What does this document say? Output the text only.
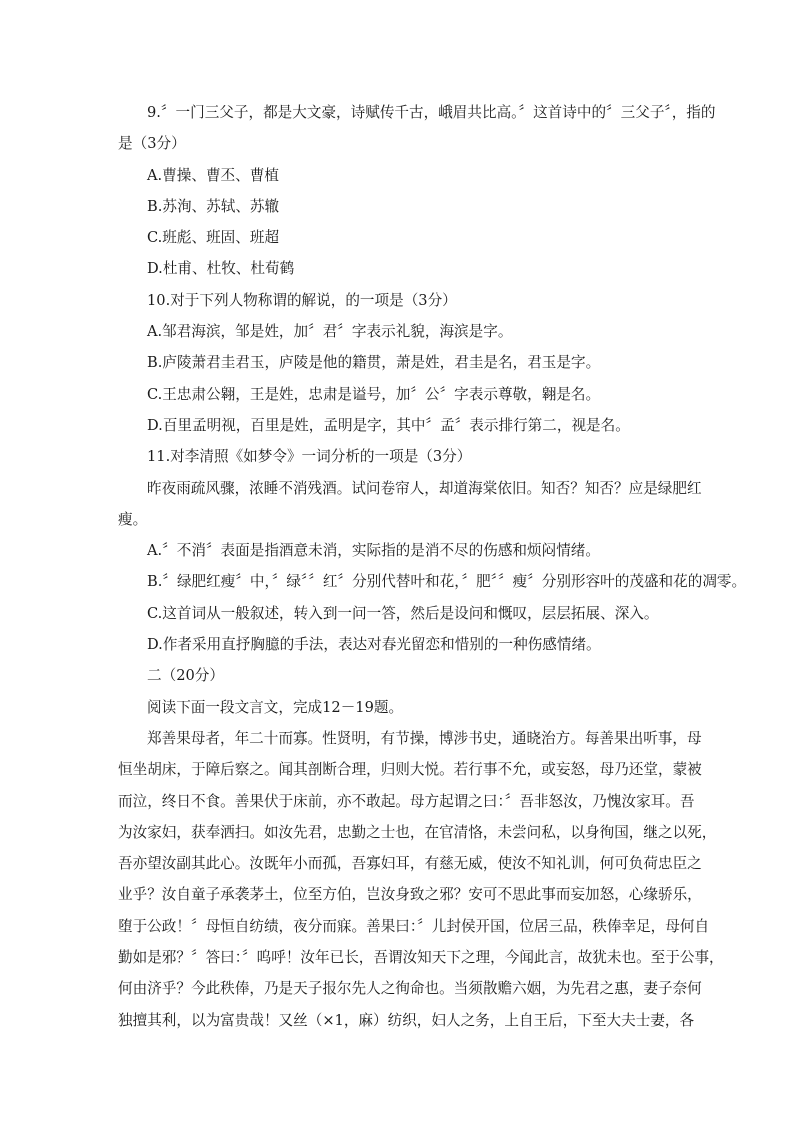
9.〞一门三父子，都是大文豪，诗赋传千古，峨眉共比高。〞这首诗中的〞三父子〞，指的
是（3分）
A.曹操、曹丕、曹植
B.苏洵、苏轼、苏辙
C.班彪、班固、班超
D.杜甫、杜牧、杜荀鹤
10.对于下列人物称谓的解说，的一项是（3分）
A.邹君海滨，邹是姓，加〞君〞字表示礼貌，海滨是字。
B.庐陵萧君圭君玉，庐陵是他的籍贯，萧是姓，君圭是名，君玉是字。
C.王忠肃公翱，王是姓，忠肃是谥号，加〞公〞字表示尊敬，翱是名。
D.百里孟明视，百里是姓，孟明是字，其中〞孟〞表示排行第二，视是名。
11.对李清照《如梦令》一词分析的一项是（3分）
昨夜雨疏风骤，浓睡不消残酒。试问卷帘人，却道海棠依旧。知否？知否？应是绿肥红
瘦。
A.〞不消〞表面是指酒意未消，实际指的是消不尽的伤感和烦闷情绪。
B.〞绿肥红瘦〞中，〞绿〞〞红〞分别代替叶和花，〞肥〞〞瘦〞分别形容叶的茂盛和花的凋零。
C.这首词从一般叙述，转入到一问一答，然后是设问和慨叹，层层拓展、深入。
D.作者采用直抒胸臆的手法，表达对春光留恋和惜别的一种伤感情绪。
二（20分）
阅读下面一段文言文，完成12－19题。
郑善果母者，年二十而寡。性贤明，有节操，博涉书史，通晓治方。每善果出听事，母
恒坐胡床，于障后察之。闻其剖断合理，归则大悦。若行事不允，或妄怒，母乃还堂，蒙被
而泣，终日不食。善果伏于床前，亦不敢起。母方起谓之曰：〞吾非怒汝，乃愧汝家耳。吾
为汝家妇，获奉洒扫。如汝先君，忠勤之士也，在官清恪，未尝问私，以身徇国，继之以死，
吾亦望汝副其此心。汝既年小而孤，吾寡妇耳，有慈无威，使汝不知礼训，何可负荷忠臣之
业乎？汝自童子承袭茅土，位至方伯，岂汝身致之邪？安可不思此事而妄加怒，心缘骄乐，
堕于公政！〞母恒自纺绩，夜分而寐。善果曰：〞儿封侯开国，位居三品，秩俸幸足，母何自
勤如是邪？〞答曰：〞呜呼！汝年已长，吾谓汝知天下之理，今闻此言，故犹未也。至于公事，
何由济乎？今此秩俸，乃是天子报尔先人之徇命也。当须散赡六姻，为先君之惠，妻子奈何
独擅其利，以为富贵哉！又丝（×1，麻）纺织，妇人之务，上自王后，下至大夫士妻，各
